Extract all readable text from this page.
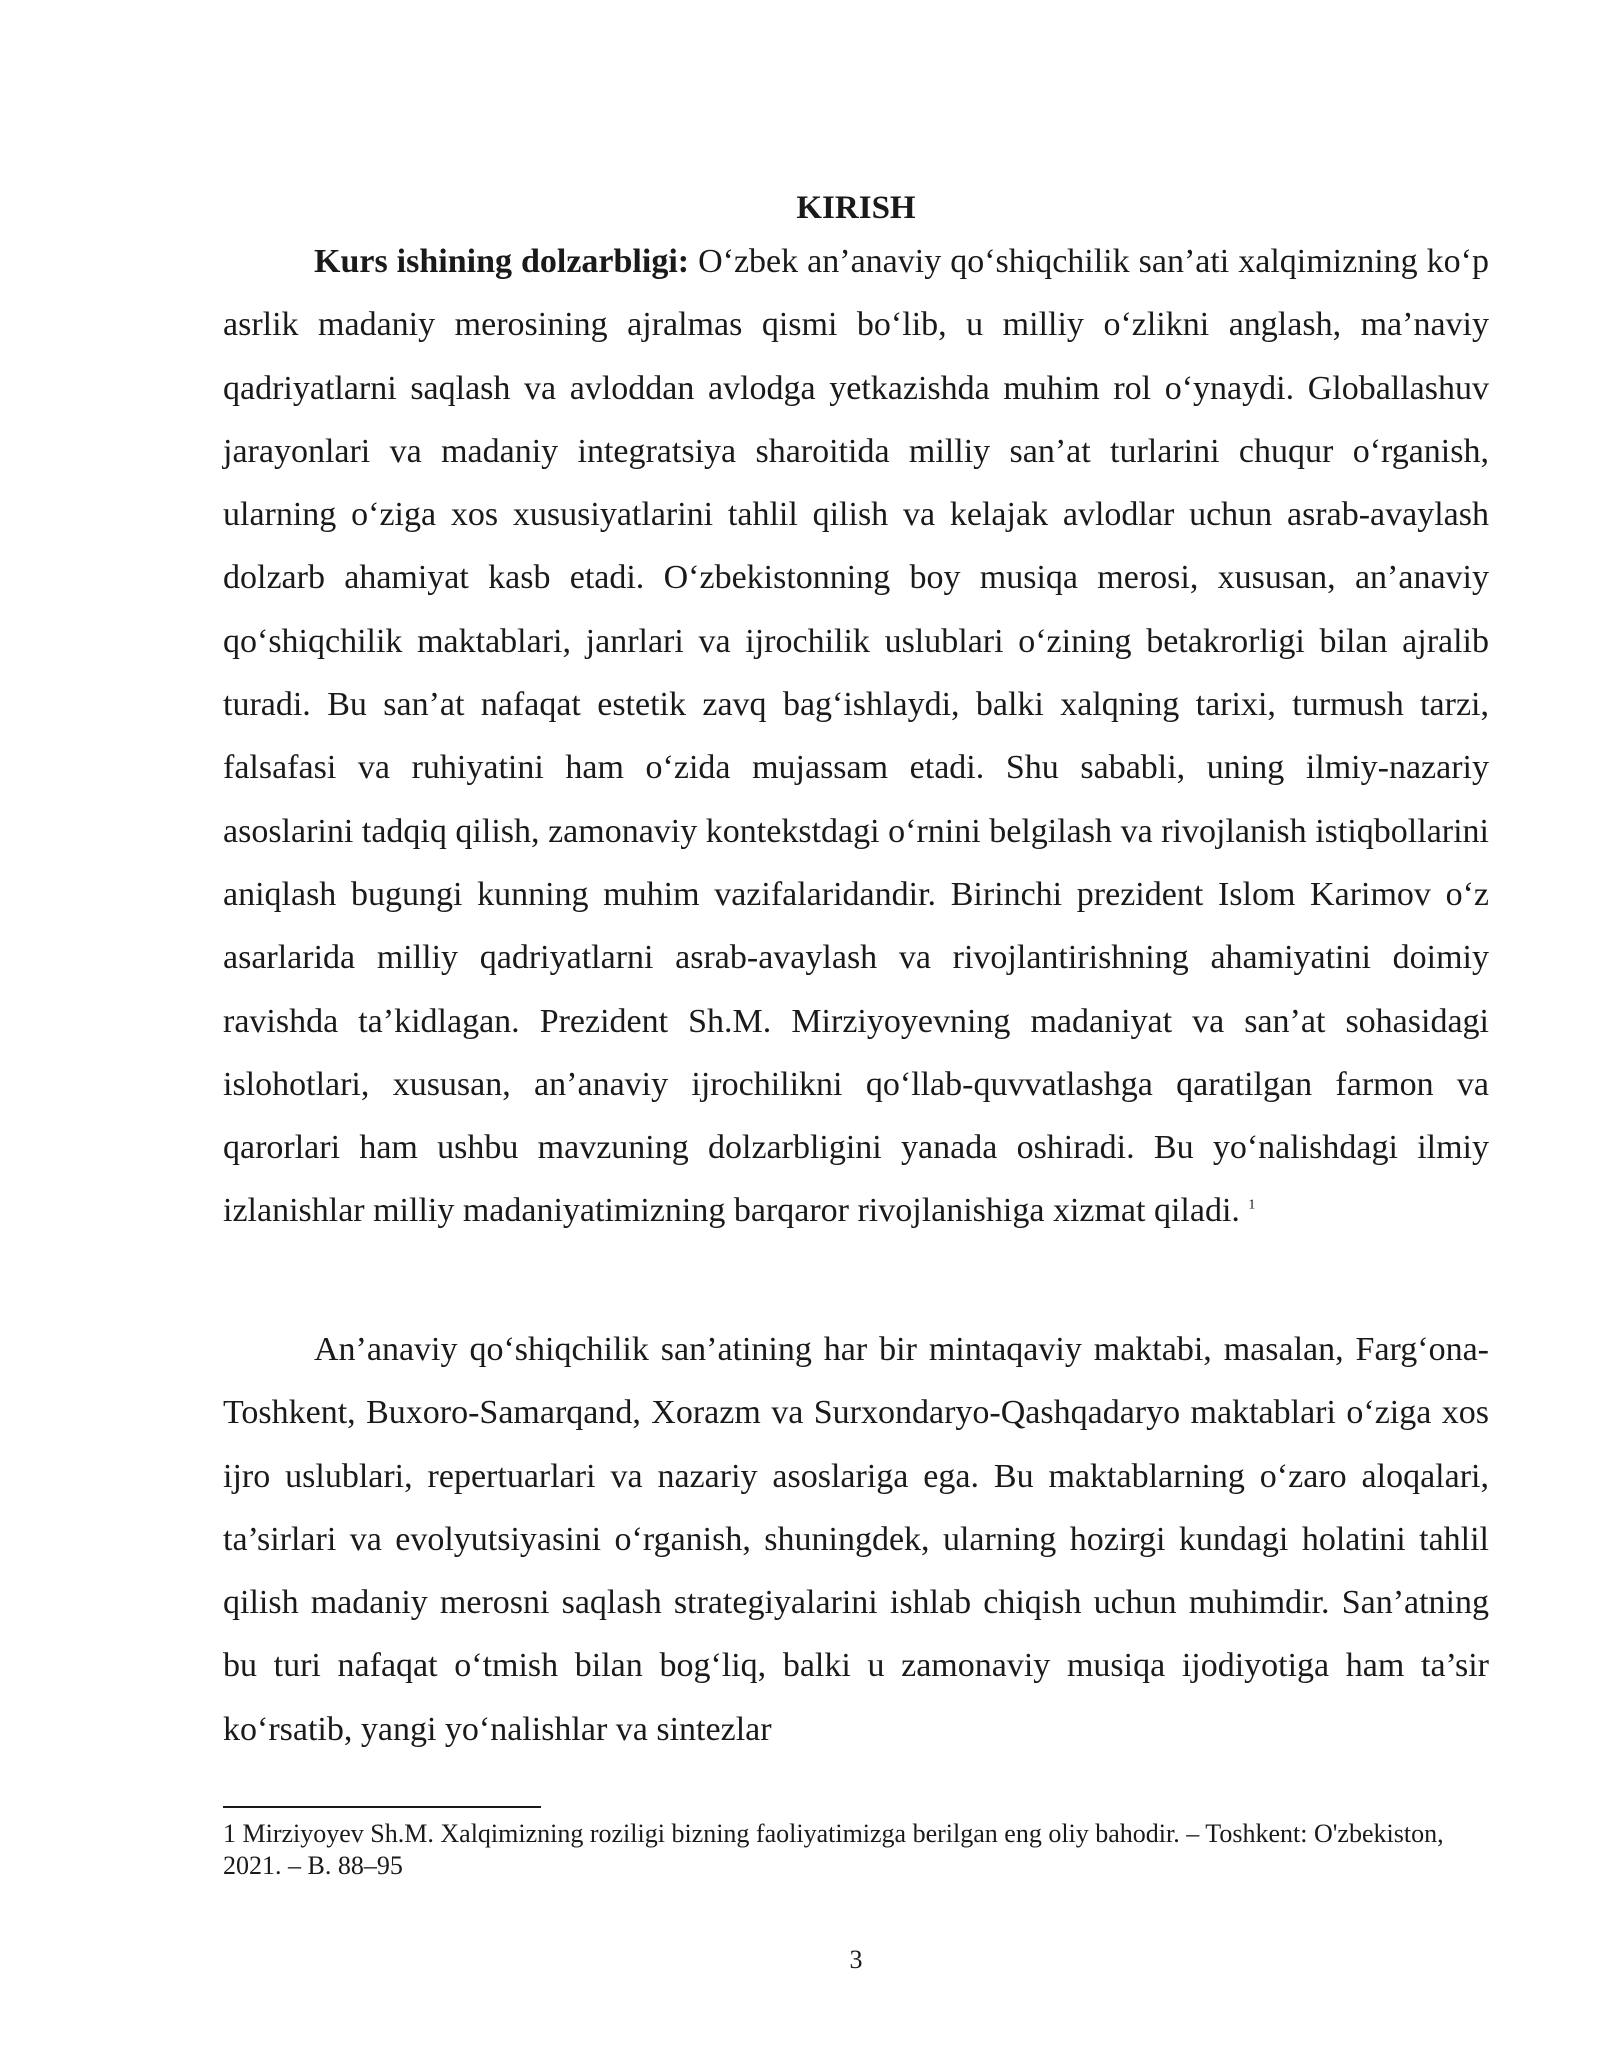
KIRISH

Kurs ishining dolzarbligi: O‘zbek an’anaviy qo‘shiqchilik san’ati xalqimizning ko‘p asrlik madaniy merosining ajralmas qismi bo‘lib, u milliy o‘zlikni anglash, ma’naviy qadriyatlarni saqlash va avloddan avlodga yetkazishda muhim rol o‘ynaydi. Globallashuv jarayonlari va madaniy integratsiya sharoitida milliy san’at turlarini chuqur o‘rganish, ularning o‘ziga xos xususiyatlarini tahlil qilish va kelajak avlodlar uchun asrab-avaylash dolzarb ahamiyat kasb etadi. O‘zbekistonning boy musiqa merosi, xususan, an’anaviy qo‘shiqchilik maktablari, janrlari va ijrochilik uslublari o‘zining betakrorligi bilan ajralib turadi. Bu san’at nafaqat estetik zavq bag‘ishlaydi, balki xalqning tarixi, turmush tarzi, falsafasi va ruhiyatini ham o‘zida mujassam etadi. Shu sababli, uning ilmiy-nazariy asoslarini tadqiq qilish, zamonaviy kontekstdagi o‘rnini belgilash va rivojlanish istiqbollarini aniqlash bugungi kunning muhim vazifalaridandir. Birinchi prezident Islom Karimov o‘z asarlarida milliy qadriyatlarni asrab-avaylash va rivojlantirishning ahamiyatini doimiy ravishda ta’kidlagan. Prezident Sh.M. Mirziyoyevning madaniyat va san’at sohasidagi islohotlari, xususan, an’anaviy ijrochilikni qo‘llab-quvvatlashga qaratilgan farmon va qarorlari ham ushbu mavzuning dolzarbligini yanada oshiradi. Bu yo‘nalishdagi ilmiy izlanishlar milliy madaniyatimizning barqaror rivojlanishiga xizmat qiladi. $^1$

An’anaviy qo‘shiqchilik san’atining har bir mintaqaviy maktabi, masalan, Farg‘ona-Toshkent, Buxoro-Samarqand, Xorazm va Surxondaryo-Qashqadaryo maktablari o‘ziga xos ijro uslublari, repertuarlari va nazariy asoslariga ega. Bu maktablarning o‘zaro aloqalari, ta’sirlari va evolyutsiyasini o‘rganish, shuningdek, ularning hozirgi kundagi holatini tahlil qilish madaniy merosni saqlash strategiyalarini ishlab chiqish uchun muhimdir. San’atning bu turi nafaqat o‘tmish bilan bog‘liq, balki u zamonaviy musiqa ijodiyotiga ham ta’sir ko‘rsatib, yangi yo‘nalishlar va sintezlar

1 Mirziyoyev Sh.M. Xalqimizning roziligi bizning faoliyatimizga berilgan eng oliy bahodir. – Toshkent: O'zbekiston, 2021. – B. 88–95

3
